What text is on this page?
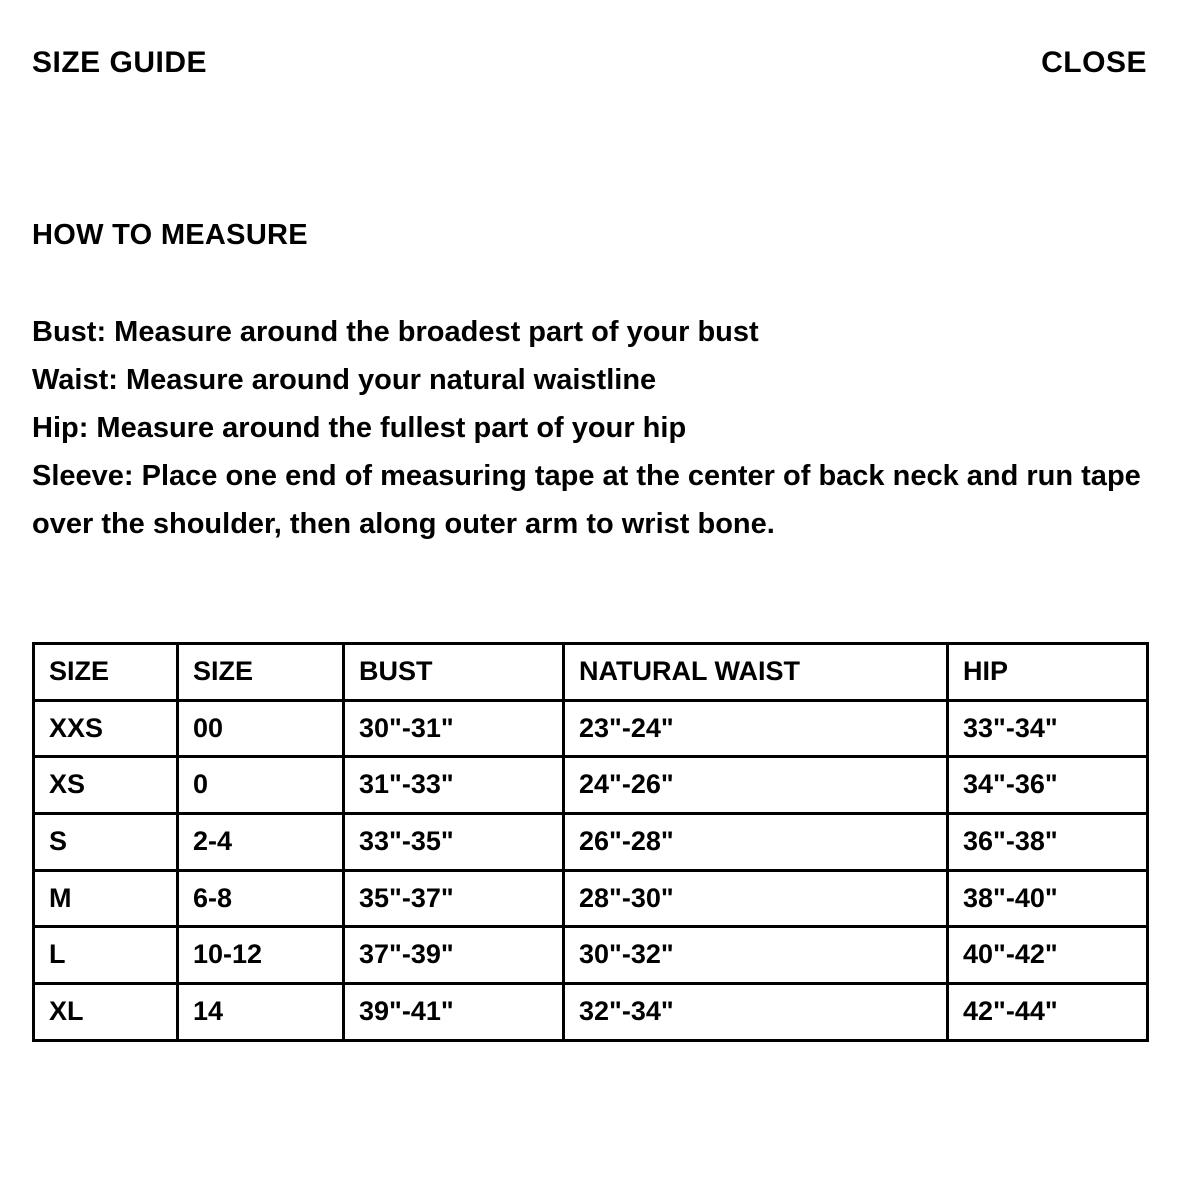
SIZE GUIDE	CLOSE
HOW TO MEASURE
Bust: Measure around the broadest part of your bust
Waist: Measure around your natural waistline
Hip: Measure around the fullest part of your hip
Sleeve: Place one end of measuring tape at the center of back neck and run tape over the shoulder, then along outer arm to wrist bone.
SIZE	SIZE	BUST	NATURAL WAIST	HIP
XXS	00	30"-31"	23"-24"	33"-34"
XS	0	31"-33"	24"-26"	34"-36"
S	2-4	33"-35"	26"-28"	36"-38"
M	6-8	35"-37"	28"-30"	38"-40"
L	10-12	37"-39"	30"-32"	40"-42"
XL	14	39"-41"	32"-34"	42"-44"
